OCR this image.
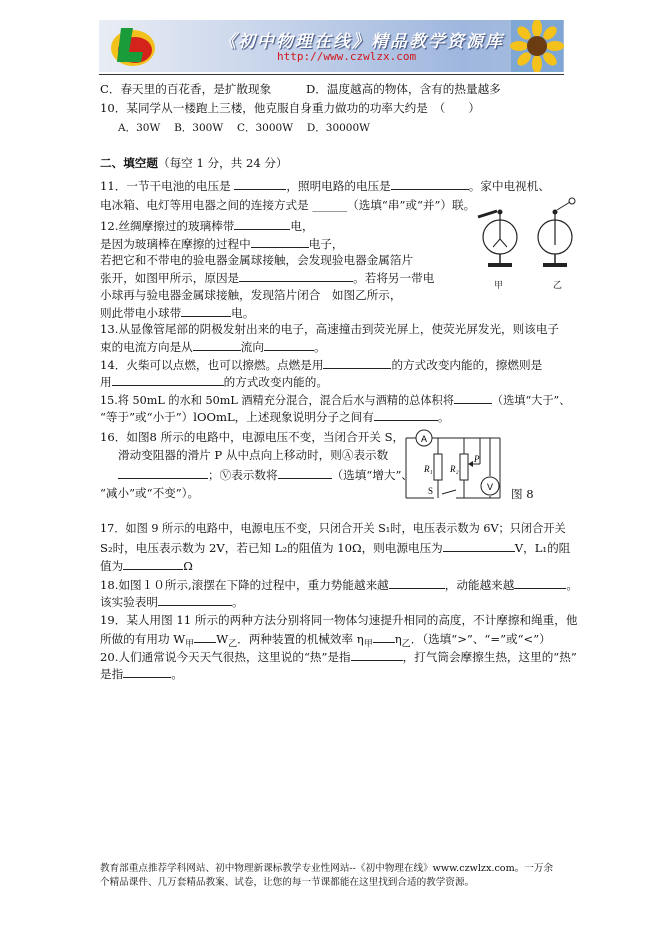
《初中物理在线》精品教学资源库
http://www.czwlzx.com
C．春天里的百花香，是扩散现象　　　D．温度越高的物体，含有的热量越多
10．某同学从一楼跑上三楼，他克服自身重力做功的功率大约是　（　　）
A．30W　 B．300W　 C．3000W　 D．30000W
二、填空题（每空 1 分，共 24 分）
11．一节干电池的电压是	，照明电路的电压是	。家中电视机、
电冰箱、电灯等用电器之间的连接方式是 ______（选填“串”或“并”）联。
12.丝绸摩擦过的玻璃棒带	电，
是因为玻璃棒在摩擦的过程中	电子，
若把它和不带电的验电器金属球接触，会发现验电器金属箔片
张开，如图甲所示，原因是	。若将另一带电
小球再与验电器金属球接触，发现箔片闭合　如图乙所示，
则此带电小球带	电。
甲	乙
13.从显像管尾部的阴极发射出来的电子，高速撞击到荧光屏上，使荧光屏发光，则该电子
束的电流方向是从	流向	。
14．火柴可以点燃，也可以擦燃。点燃是用	的方式改变内能的，擦燃则是
用	的方式改变内能的。
15.将 50mL 的水和 50mL 酒精充分混合，混合后水与酒精的总体积将	（选填“大于”、
“等于”或“小于”）lOOmL，上述现象说明分子之间有	。
16．如图8 所示的电路中，电源电压不变，当闭合开关 S，
滑动变阻器的滑片 P 从中点向上移动时，则Ⓐ表示数
；Ⓥ表示数将	（选填“增大”、
“减小”或“不变”）。
A
V
R₁ R₂
P
S	图 8
17．如图 9 所示的电路中，电源电压不变，只闭合开关 S₁时，电压表示数为 6V；只闭合开关
S₂时，电压表示数为 2V，若已知 L₂的阻值为 10Ω，则电源电压为	V，L₁的阻
值为	Ω
18.如图１０所示,滚摆在下降的过程中，重力势能越来越	，动能越来越	。
该实验表明	。
19．某人用图 11 所示的两种方法分别将同一物体匀速提升相同的高度，不计摩擦和绳重，他
所做的有用功 $W_甲$ $W_乙$．两种装置的机械效率 $\eta_甲$ $\eta_乙$．（选填“>”、“=”或“<”）
20.人们通常说今天天气很热，这里说的“热”是指	，打气筒会摩擦生热，这里的“热”
是指	。
教育部重点推荐学科网站、初中物理新课标教学专业性网站--《初中物理在线》www.czwlzx.com。一万余
个精品课件、几万套精品教案、试卷，让您的每一节课都能在这里找到合适的教学资源。
